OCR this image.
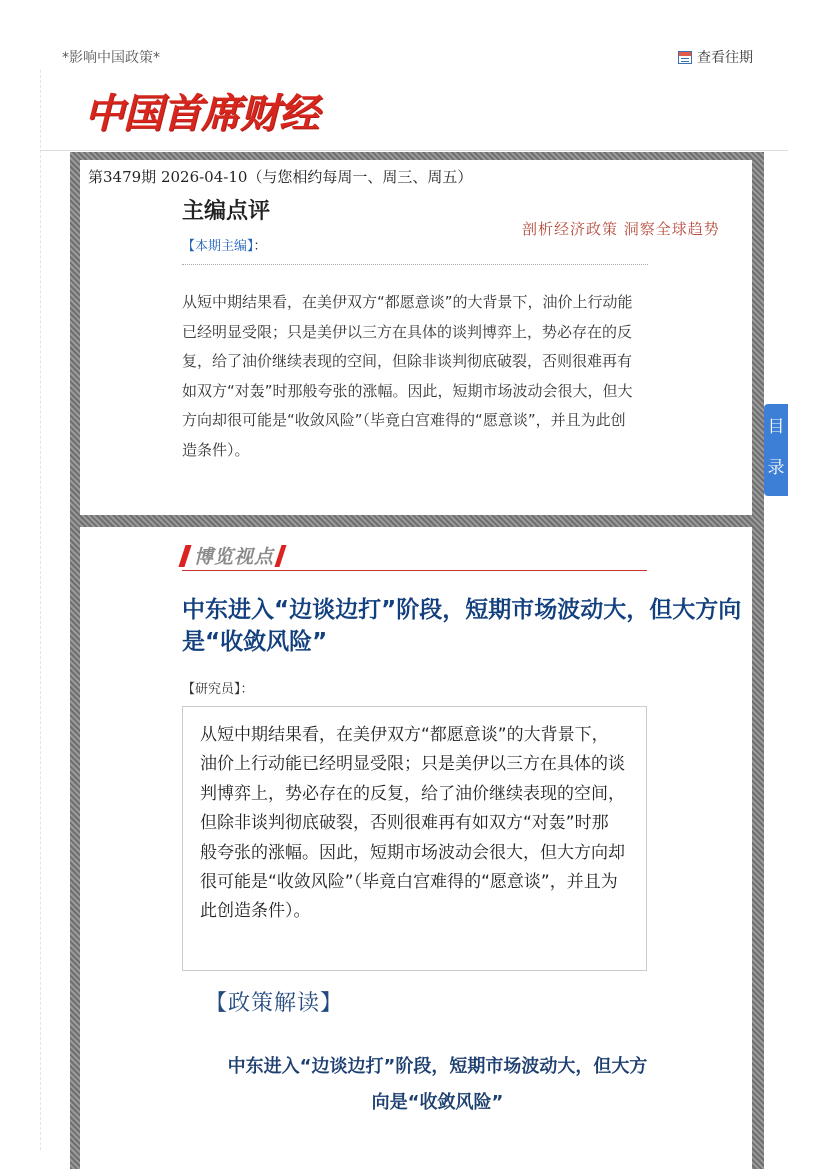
*影响中国政策*	查看往期
中国首席财经
第3479期 2026-04-10（与您相约每周一、周三、周五）
主编点评
剖析经济政策 洞察全球趋势
【本期主编】：
从短中期结果看，在美伊双方“都愿意谈”的大背景下，油价上行动能已经明显受限；只是美伊以三方在具体的谈判博弈上，势必存在的反复，给了油价继续表现的空间，但除非谈判彻底破裂，否则很难再有如双方“对轰”时那般夸张的涨幅。因此，短期市场波动会很大，但大方向却很可能是“收敛风险”（毕竟白宫难得的“愿意谈”，并且为此创造条件）。
目
录
博览视点
中东进入“边谈边打”阶段，短期市场波动大，但大方向是“收敛风险”
【研究员】：

从短中期结果看，在美伊双方“都愿意谈”的大背景下，油价上行动能已经明显受限；只是美伊以三方在具体的谈判博弈上，势必存在的反复，给了油价继续表现的空间，但除非谈判彻底破裂，否则很难再有如双方“对轰”时那般夸张的涨幅。因此，短期市场波动会很大，但大方向却很可能是“收敛风险”（毕竟白宫难得的“愿意谈”，并且为此创造条件）。

【政策解读】
中东进入“边谈边打”阶段，短期市场波动大，但大方向是“收敛风险”
